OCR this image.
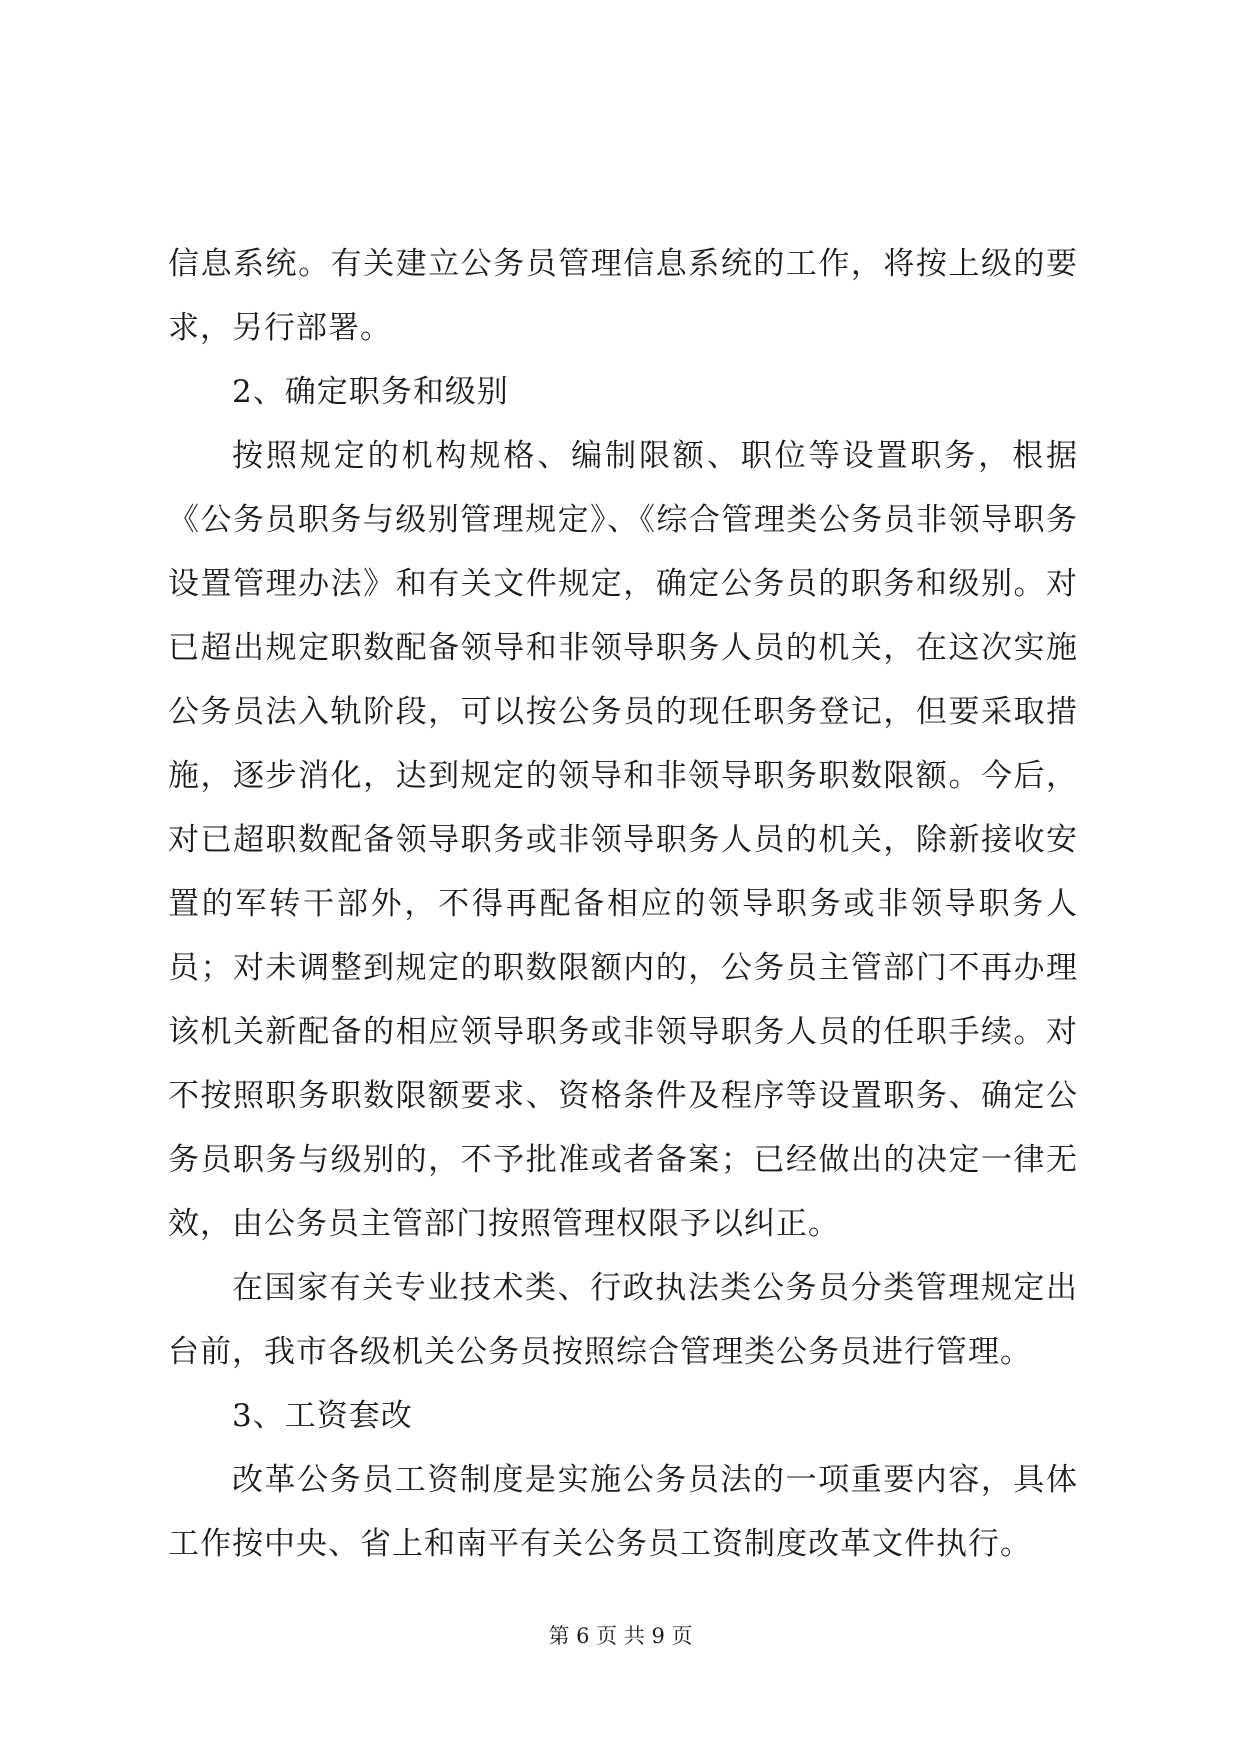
信息系统。有关建立公务员管理信息系统的工作，将按上级的要求，另行部署。

2、确定职务和级别

按照规定的机构规格、编制限额、职位等设置职务，根据《公务员职务与级别管理规定》、《综合管理类公务员非领导职务设置管理办法》和有关文件规定，确定公务员的职务和级别。对已超出规定职数配备领导和非领导职务人员的机关，在这次实施公务员法入轨阶段，可以按公务员的现任职务登记，但要采取措施，逐步消化，达到规定的领导和非领导职务职数限额。今后，对已超职数配备领导职务或非领导职务人员的机关，除新接收安置的军转干部外，不得再配备相应的领导职务或非领导职务人员；对未调整到规定的职数限额内的，公务员主管部门不再办理该机关新配备的相应领导职务或非领导职务人员的任职手续。对不按照职务职数限额要求、资格条件及程序等设置职务、确定公务员职务与级别的，不予批准或者备案；已经做出的决定一律无效，由公务员主管部门按照管理权限予以纠正。

在国家有关专业技术类、行政执法类公务员分类管理规定出台前，我市各级机关公务员按照综合管理类公务员进行管理。

3、工资套改

改革公务员工资制度是实施公务员法的一项重要内容，具体工作按中央、省上和南平有关公务员工资制度改革文件执行。

第 6 页 共 9 页
